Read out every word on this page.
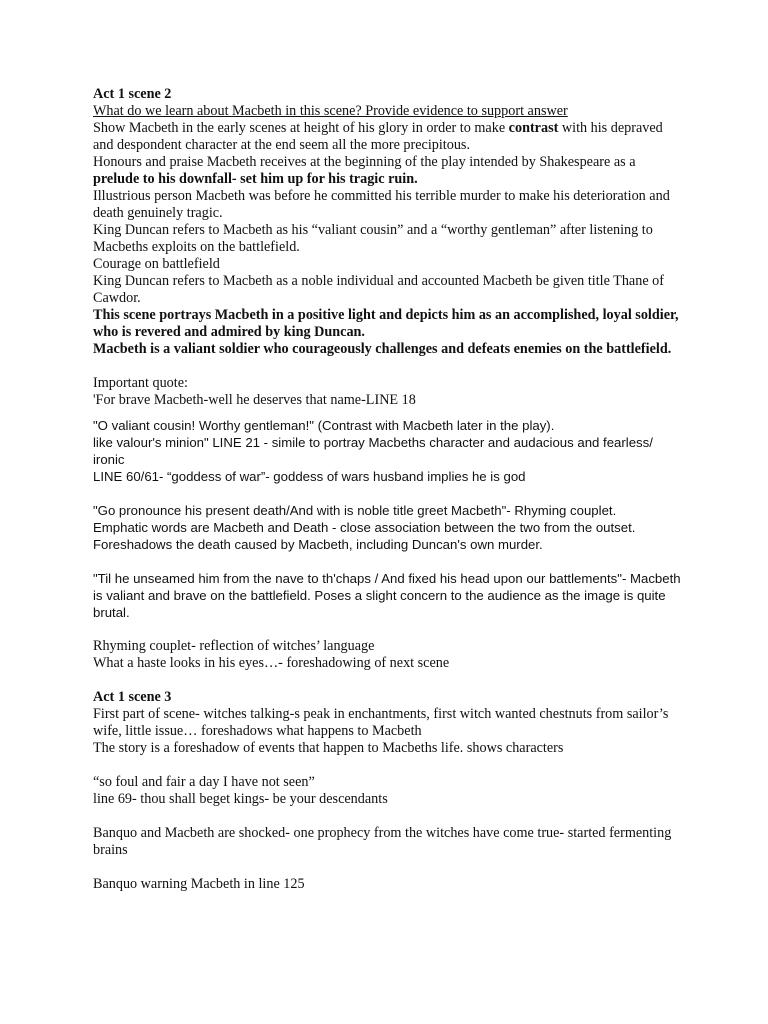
Act 1 scene 2

What do we learn about Macbeth in this scene? Provide evidence to support answer

Show Macbeth in the early scenes at height of his glory in order to make contrast with his depraved and despondent character at the end seem all the more precipitous.

Honours and praise Macbeth receives at the beginning of the play intended by Shakespeare as a prelude to his downfall- set him up for his tragic ruin.

Illustrious person Macbeth was before he committed his terrible murder to make his deterioration and death genuinely tragic.

King Duncan refers to Macbeth as his “valiant cousin” and a “worthy gentleman” after listening to Macbeths exploits on the battlefield.

Courage on battlefield

King Duncan refers to Macbeth as a noble individual and accounted Macbeth be given title Thane of Cawdor.

This scene portrays Macbeth in a positive light and depicts him as an accomplished, loyal soldier, who is revered and admired by king Duncan.

Macbeth is a valiant soldier who courageously challenges and defeats enemies on the battlefield.

Important quote:

'For brave Macbeth-well he deserves that name-LINE 18

"O valiant cousin! Worthy gentleman!" (Contrast with Macbeth later in the play).

like valour's minion" LINE 21 - simile to portray Macbeths character and audacious and fearless/ ironic

LINE 60/61- “goddess of war”- goddess of wars husband implies he is god

"Go pronounce his present death/And with is noble title greet Macbeth"- Rhyming couplet.

Emphatic words are Macbeth and Death - close association between the two from the outset.

Foreshadows the death caused by Macbeth, including Duncan's own murder.

"Til he unseamed him from the nave to th'chaps / And fixed his head upon our battlements"- Macbeth is valiant and brave on the battlefield. Poses a slight concern to the audience as the image is quite brutal.

Rhyming couplet- reflection of witches’ language

What a haste looks in his eyes…- foreshadowing of next scene

Act 1 scene 3

First part of scene- witches talking-s peak in enchantments, first witch wanted chestnuts from sailor’s wife, little issue… foreshadows what happens to Macbeth

The story is a foreshadow of events that happen to Macbeths life. shows characters

“so foul and fair a day I have not seen”

line 69- thou shall beget kings- be your descendants

Banquo and Macbeth are shocked- one prophecy from the witches have come true- started fermenting brains

Banquo warning Macbeth in line 125
